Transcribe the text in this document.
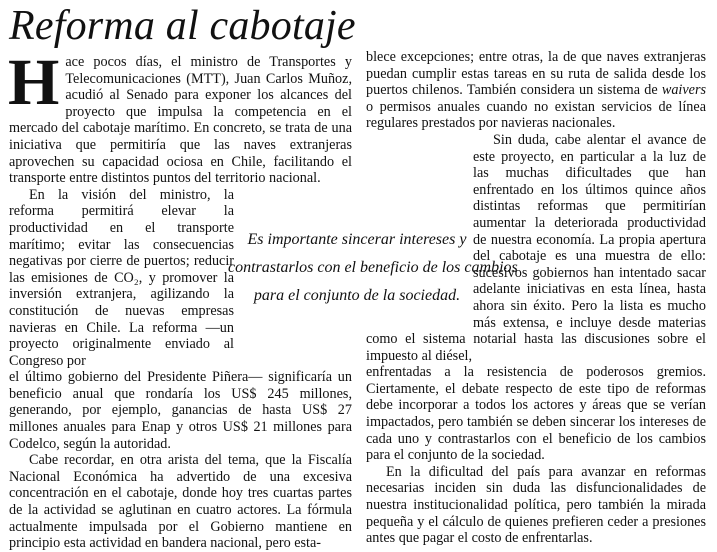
Reforma al cabotaje

Hace pocos días, el ministro de Transportes y Telecomunicaciones (MTT), Juan Carlos Muñoz, acudió al Senado para exponer los alcances del proyecto que impulsa la competencia en el mercado del cabotaje marítimo. En concreto, se trata de una iniciativa que permitiría que las naves extranjeras aprovechen su capacidad ociosa en Chile, facilitando el transporte entre distintos puntos del territorio nacional.

En la visión del ministro, la reforma permitirá elevar la productividad en el transporte marítimo; evitar las consecuencias negativas por cierre de puertos; reducir las emisiones de CO₂, y promover la inversión extranjera, agilizando la constitución de nuevas empresas navieras en Chile. La reforma —un proyecto originalmente enviado al Congreso por

el último gobierno del Presidente Piñera— significaría un beneficio anual que rondaría los US$ 245 millones, generando, por ejemplo, ganancias de hasta US$ 27 millones anuales para Enap y otros US$ 21 millones para Codelco, según la autoridad.

Cabe recordar, en otra arista del tema, que la Fiscalía Nacional Económica ha advertido de una excesiva concentración en el cabotaje, donde hoy tres cuartas partes de la actividad se aglutinan en cuatro actores. La fórmula actualmente impulsada por el Gobierno mantiene en principio esta actividad en bandera nacional, pero esta-

blece excepciones; entre otras, la de que naves extranjeras puedan cumplir estas tareas en su ruta de salida desde los puertos chilenos. También considera un sistema de waivers o permisos anuales cuando no existan servicios de línea regulares prestados por navieras nacionales.

Sin duda, cabe alentar el avance de este proyecto, en particular a la luz de las muchas dificultades que han enfrentado en los últimos quince años distintas reformas que permitirían aumentar la deteriorada productividad de nuestra economía. La propia apertura del cabotaje es una muestra de ello: sucesivos gobiernos han intentado sacar adelante iniciativas en esta línea, hasta ahora sin éxito. Pero la lista es mucho más extensa, e incluye desde materias como el sistema notarial hasta las discusiones sobre el impuesto al diésel,

enfrentadas a la resistencia de poderosos gremios. Ciertamente, el debate respecto de este tipo de reformas debe incorporar a todos los actores y áreas que se verían impactados, pero también se deben sincerar los intereses de cada uno y contrastarlos con el beneficio de los cambios para el conjunto de la sociedad.

En la dificultad del país para avanzar en reformas necesarias inciden sin duda las disfuncionalidades de nuestra institucionalidad política, pero también la mirada pequeña y el cálculo de quienes prefieren ceder a presiones antes que pagar el costo de enfrentarlas.

Es importante sincerar intereses y
contrastarlos con el beneficio de los cambios
para el conjunto de la sociedad.
